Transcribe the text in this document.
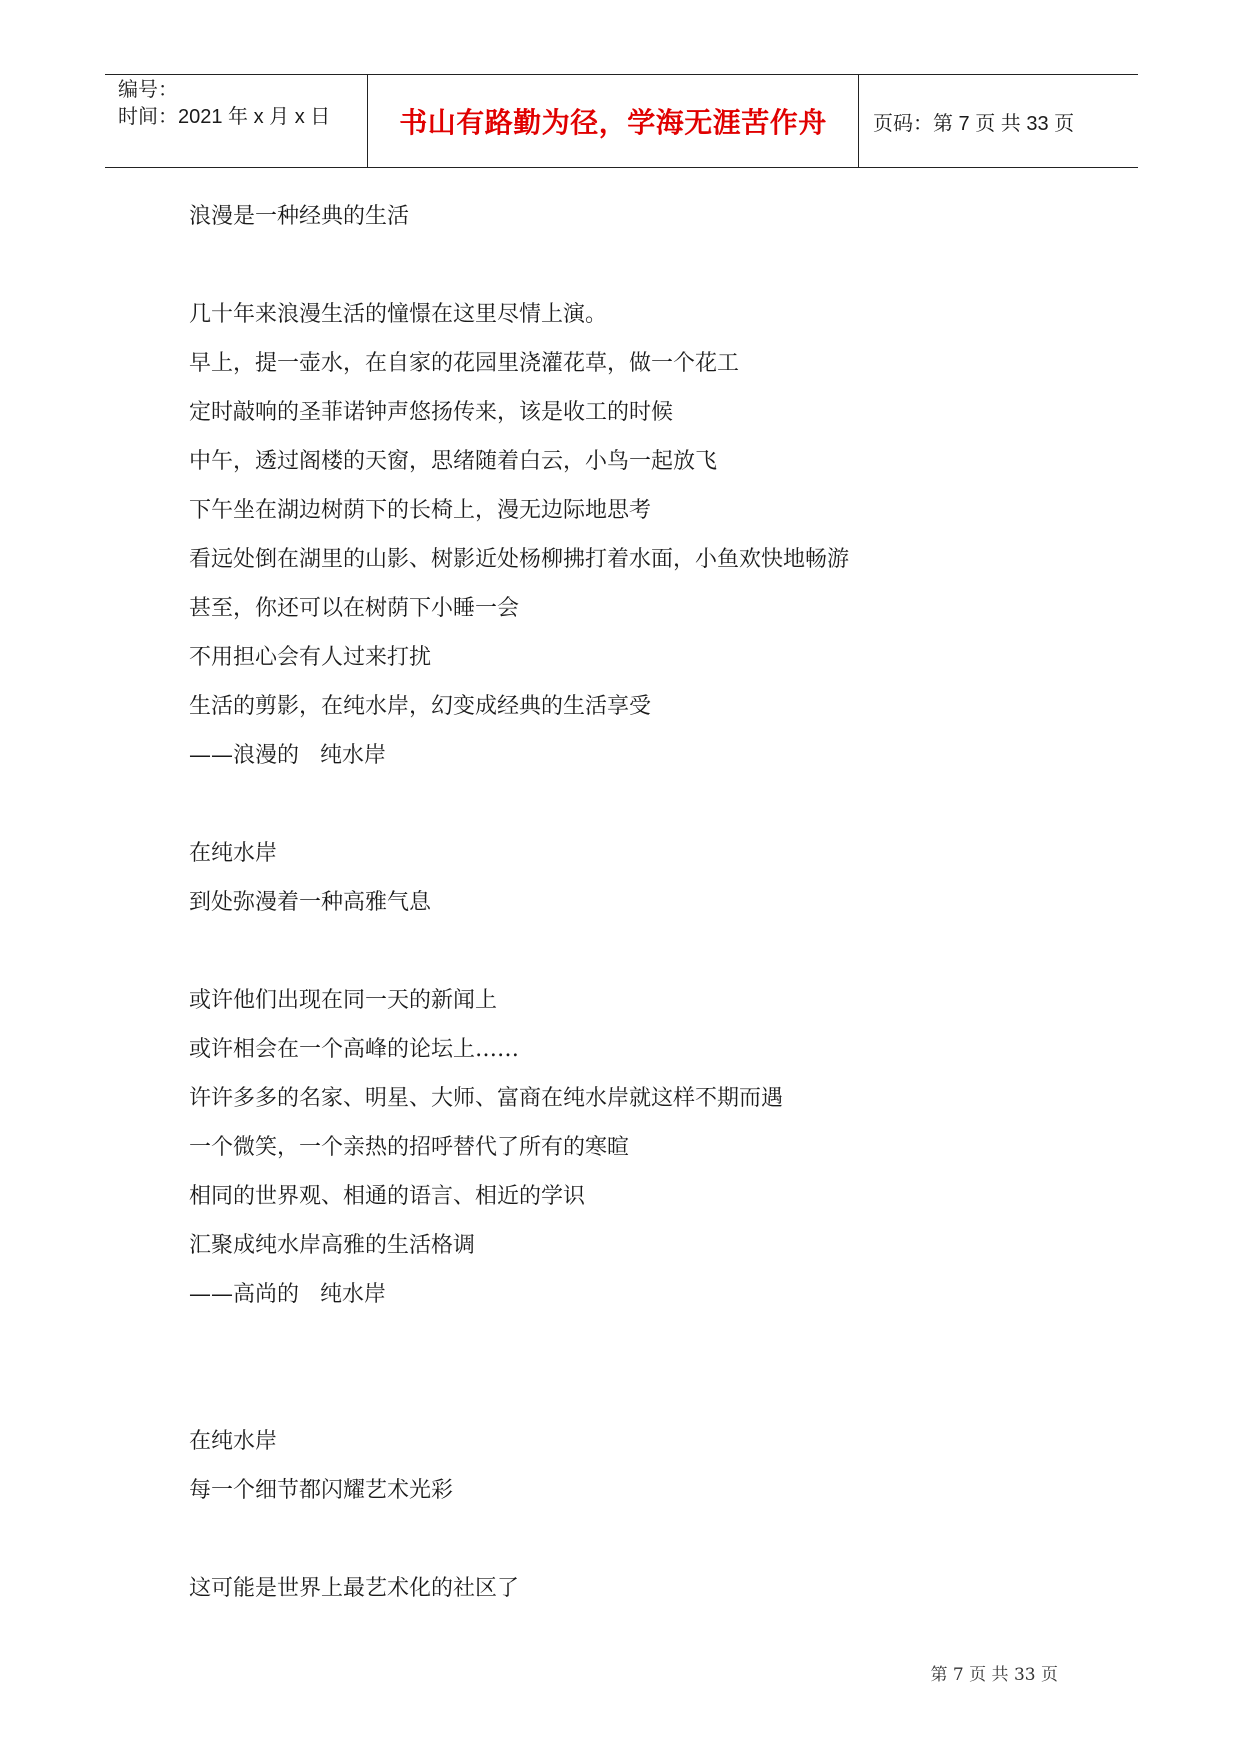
编号：
时间：2021 年 x 月 x 日	书山有路勤为径，学海无涯苦作舟 页码：第 7 页 共 33 页
浪漫是一种经典的生活
几十年来浪漫生活的憧憬在这里尽情上演。
早上，提一壶水，在自家的花园里浇灌花草，做一个花工
定时敲响的圣菲诺钟声悠扬传来，该是收工的时候
中午，透过阁楼的天窗，思绪随着白云，小鸟一起放飞
下午坐在湖边树荫下的长椅上，漫无边际地思考
看远处倒在湖里的山影、树影近处杨柳拂打着水面，小鱼欢快地畅游
甚至，你还可以在树荫下小睡一会
不用担心会有人过来打扰
生活的剪影，在纯水岸，幻变成经典的生活享受
——浪漫的   纯水岸
在纯水岸
到处弥漫着一种高雅气息
或许他们出现在同一天的新闻上
或许相会在一个高峰的论坛上……
许许多多的名家、明星、大师、富商在纯水岸就这样不期而遇
一个微笑，一个亲热的招呼替代了所有的寒暄
相同的世界观、相通的语言、相近的学识
汇聚成纯水岸高雅的生活格调
——高尚的   纯水岸
在纯水岸
每一个细节都闪耀艺术光彩
这可能是世界上最艺术化的社区了
第 7 页 共 33 页
